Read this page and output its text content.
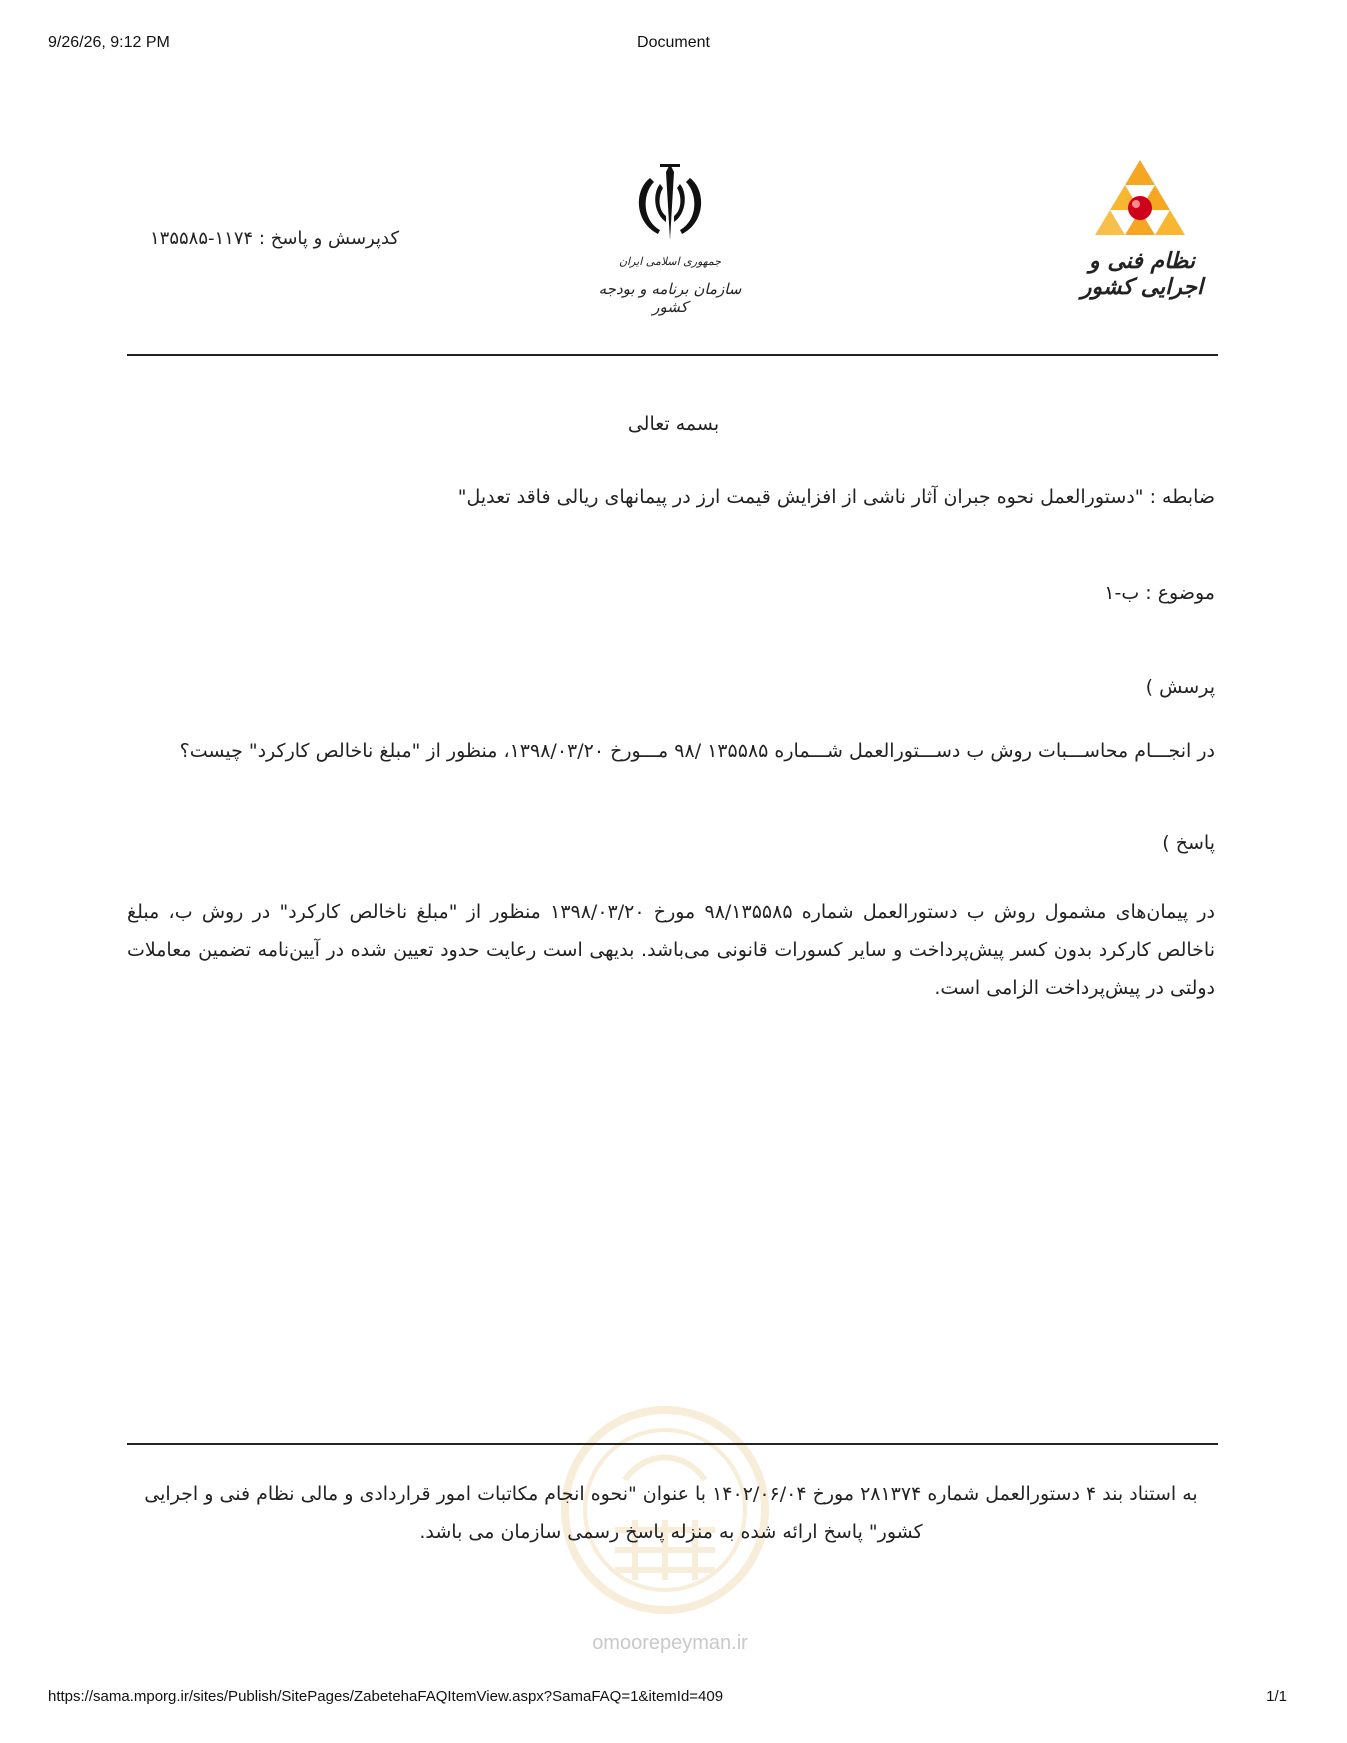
9/26/26, 9:12 PM	Document
نظام فنی و اجرایی کشور
جمهوری اسلامی ایران
سازمان برنامه و بودجه کشور
کدپرسش و پاسخ : ۱۱۷۴-۱۳۵۵۸۵
بسمه تعالی
ضابطه : "دستورالعمل نحوه جبران آثار ناشی از افزایش قیمت ارز در پیمانهای ریالی فاقد تعدیل"
موضوع : ب-۱
پرسش )
در انجـــام محاســـبات روش ب دســـتورالعمل شـــماره ۱۳۵۵۸۵ /۹۸ مـــورخ ۱۳۹۸/۰۳/۲۰، منظور از "مبلغ ناخالص کارکرد" چیست؟
پاسخ )
در پیمان‌های مشمول روش ب دستورالعمل شماره ۹۸/۱۳۵۵۸۵ مورخ ۱۳۹۸/۰۳/۲۰ منظور از "مبلغ ناخالص کارکرد" در روش ب، مبلغ ناخالص کارکرد بدون کسر پیش‌پرداخت و سایر کسورات قانونی می‌باشد. بدیهی است رعایت حدود تعیین شده در آیین‌نامه تضمین معاملات دولتی در پیش‌پرداخت الزامی است.
omoorepeyman.ir
به استناد بند ۴ دستورالعمل شماره ۲۸۱۳۷۴ مورخ ۱۴۰۲/۰۶/۰۴ با عنوان "نحوه انجام مکاتبات امور قراردادی و مالی نظام فنی و اجرایی کشور" پاسخ ارائه شده به منزله پاسخ رسمی سازمان می باشد.
https://sama.mporg.ir/sites/Publish/SitePages/ZabetehaFAQItemView.aspx?SamaFAQ=1&itemId=409	1/1
